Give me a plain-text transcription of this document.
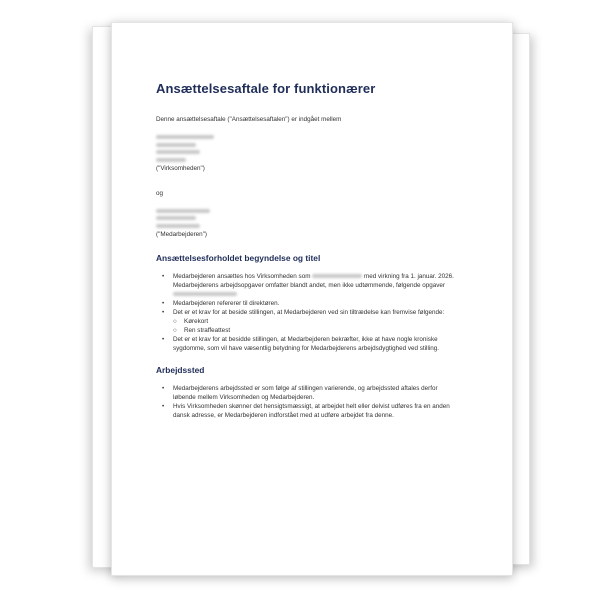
Ansættelsesaftale for funktionærer

Denne ansættelsesaftale ("Ansættelsesaftalen") er indgået mellem

("Virksomheden")

og

("Medarbejderen")

Ansættelsesforholdet begyndelse og titel
• Medarbejderen ansættes hos Virksomheden som	med virkning fra 1. januar. 2026. Medarbejderens arbejdsopgaver omfatter blandt andet, men ikke udtømmende, følgende opgaver
• Medarbejderen refererer til direktøren.
• Det er et krav for at beside stillingen, at Medarbejderen ved sin tiltrædelse kan fremvise følgende:
○ Kørekort
○ Ren straffeattest
• Det er et krav for at besidde stillingen, at Medarbejderen bekræfter, ikke at have nogle kroniske sygdomme, som vil have væsentlig betydning for Medarbejderens arbejdsdygtighed ved stilling.
Arbejdssted
• Medarbejderens arbejdssted er som følge af stillingen varierende, og arbejdssted aftales derfor løbende mellem Virksomheden og Medarbejderen.
• Hvis Virksomheden skønner det hensigtsmæssigt, at arbejdet helt eller delvist udføres fra en anden dansk adresse, er Medarbejderen indforstået med at udføre arbejdet fra denne.
